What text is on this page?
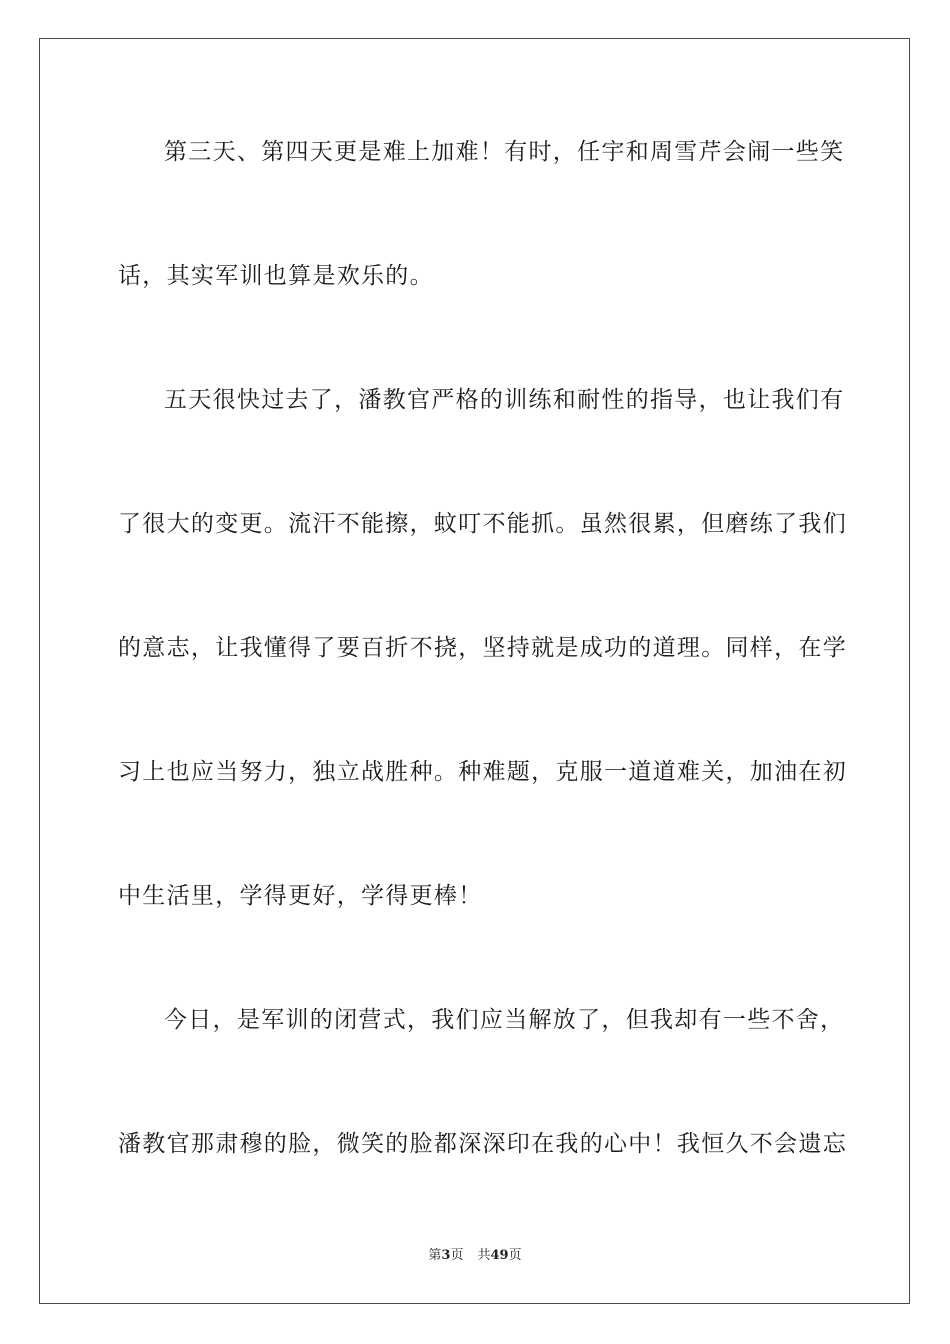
第三天、第四天更是难上加难！有时，任宇和周雪芹会闹一些笑
话，其实军训也算是欢乐的。
五天很快过去了，潘教官严格的训练和耐性的指导，也让我们有
了很大的变更。流汗不能擦，蚊叮不能抓。虽然很累，但磨练了我们
的意志，让我懂得了要百折不挠，坚持就是成功的道理。同样，在学
习上也应当努力，独立战胜种。种难题，克服一道道难关，加油在初
中生活里，学得更好，学得更棒！
今日，是军训的闭营式，我们应当解放了，但我却有一些不舍，
潘教官那肃穆的脸，微笑的脸都深深印在我的心中！我恒久不会遗忘
第3页 共49页
